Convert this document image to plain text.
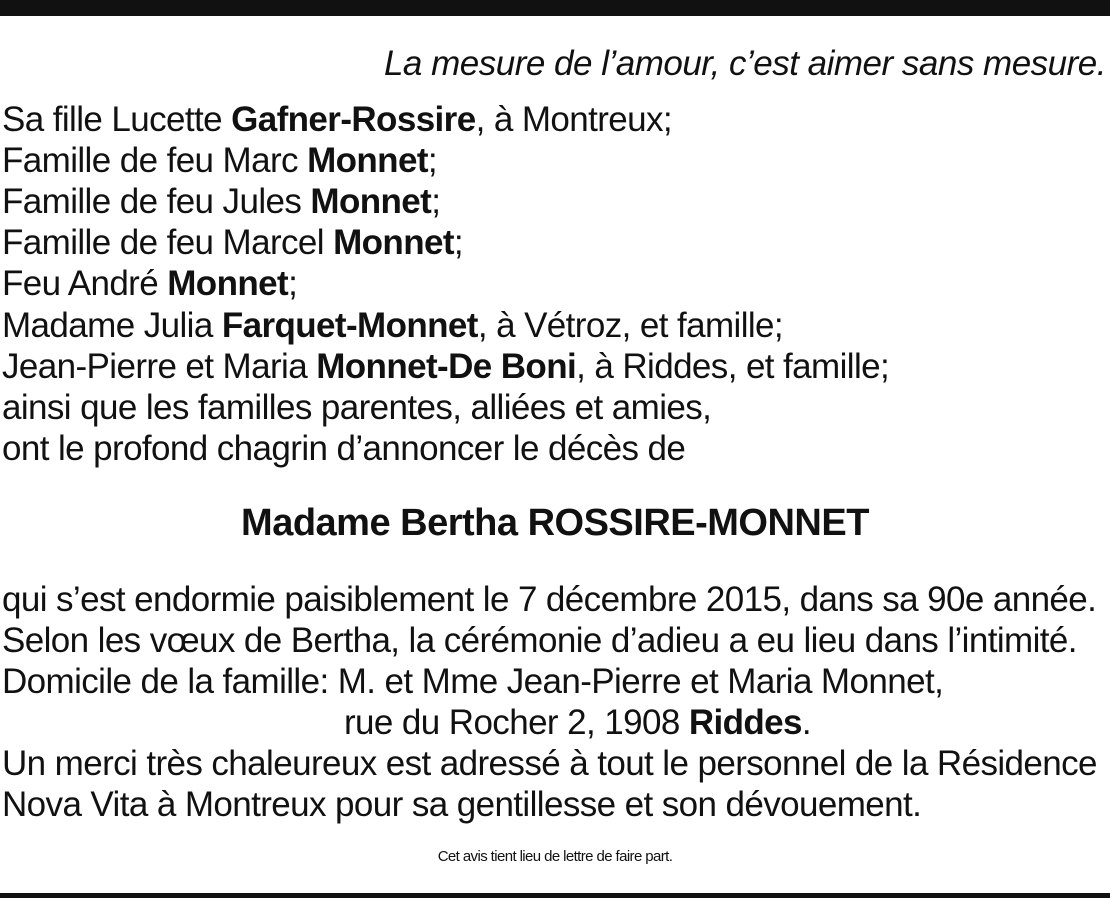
La mesure de l’amour, c’est aimer sans mesure.
Sa fille Lucette Gafner-Rossire, à Montreux;
Famille de feu Marc Monnet;
Famille de feu Jules Monnet;
Famille de feu Marcel Monnet;
Feu André Monnet;
Madame Julia Farquet-Monnet, à Vétroz, et famille;
Jean-Pierre et Maria Monnet-De Boni, à Riddes, et famille;
ainsi que les familles parentes, alliées et amies,
ont le profond chagrin d’annoncer le décès de
Madame Bertha ROSSIRE-MONNET
qui s’est endormie paisiblement le 7 décembre 2015, dans sa 90e année.
Selon les vœux de Bertha, la cérémonie d’adieu a eu lieu dans l’intimité.
Domicile de la famille: M. et Mme Jean-Pierre et Maria Monnet,
rue du Rocher 2, 1908 Riddes.
Un merci très chaleureux est adressé à tout le personnel de la Résidence
Nova Vita à Montreux pour sa gentillesse et son dévouement.
Cet avis tient lieu de lettre de faire part.
